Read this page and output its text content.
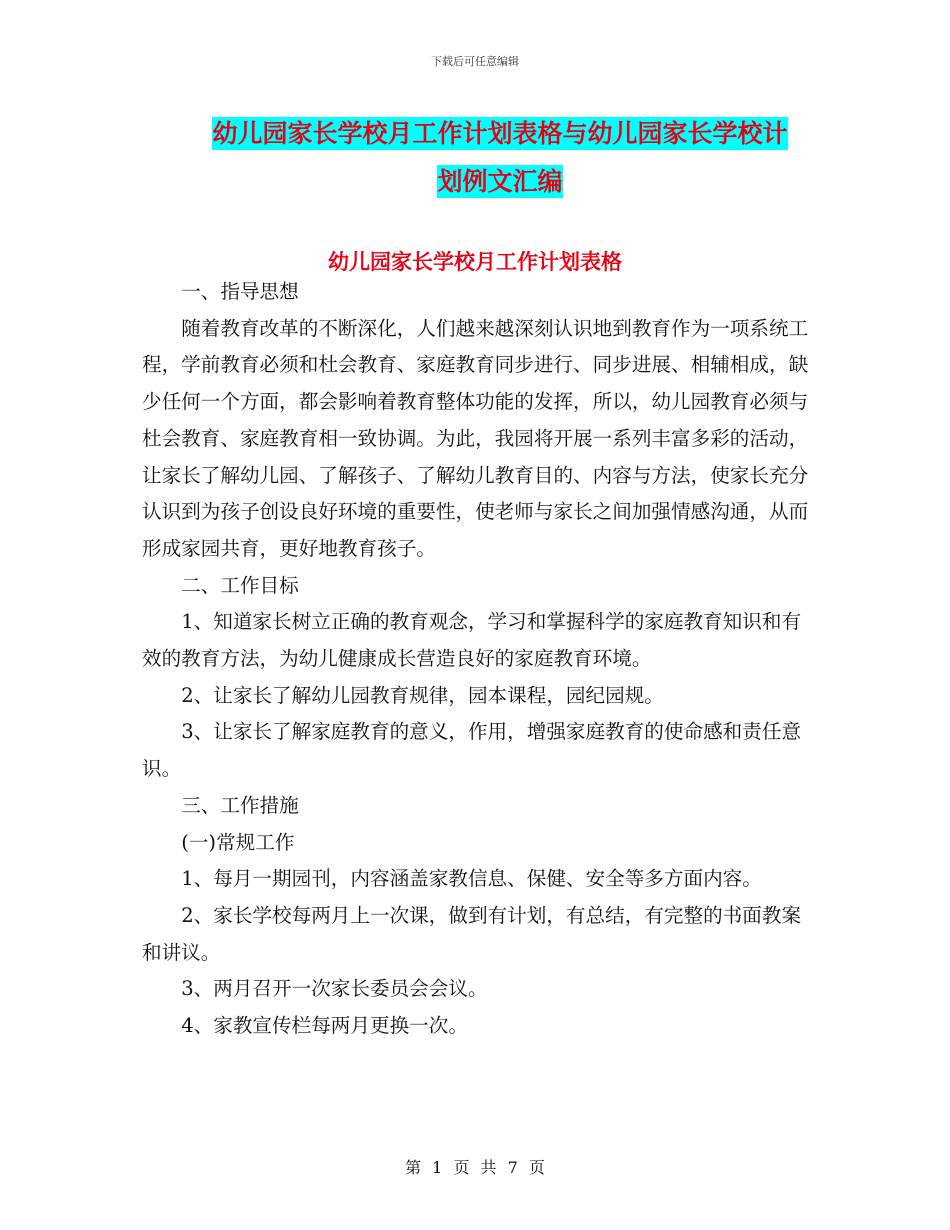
下载后可任意编辑
幼儿园家长学校月工作计划表格与幼儿园家长学校计
划例文汇编
幼儿园家长学校月工作计划表格

一、指导思想

随着教育改革的不断深化，人们越来越深刻认识地到教育作为一项系统工程，学前教育必须和杜会教育、家庭教育同步进行、同步进展、相辅相成，缺少任何一个方面，都会影响着教育整体功能的发挥，所以，幼儿园教育必须与杜会教育、家庭教育相一致协调。为此，我园将开展一系列丰富多彩的活动，让家长了解幼儿园、了解孩子、了解幼儿教育目的、内容与方法，使家长充分认识到为孩子创设良好环境的重要性，使老师与家长之间加强情感沟通，从而形成家园共育，更好地教育孩子。

二、工作目标

1、知道家长树立正确的教育观念，学习和掌握科学的家庭教育知识和有效的教育方法，为幼儿健康成长营造良好的家庭教育环境。

2、让家长了解幼儿园教育规律，园本课程，园纪园规。

3、让家长了解家庭教育的意义，作用，增强家庭教育的使命感和责任意识。

三、工作措施

(一)常规工作

1、每月一期园刊，内容涵盖家教信息、保健、安全等多方面内容。

2、家长学校每两月上一次课，做到有计划，有总结，有完整的书面教案和讲议。

3、两月召开一次家长委员会会议。

4、家教宣传栏每两月更换一次。

第 1 页 共 7 页
